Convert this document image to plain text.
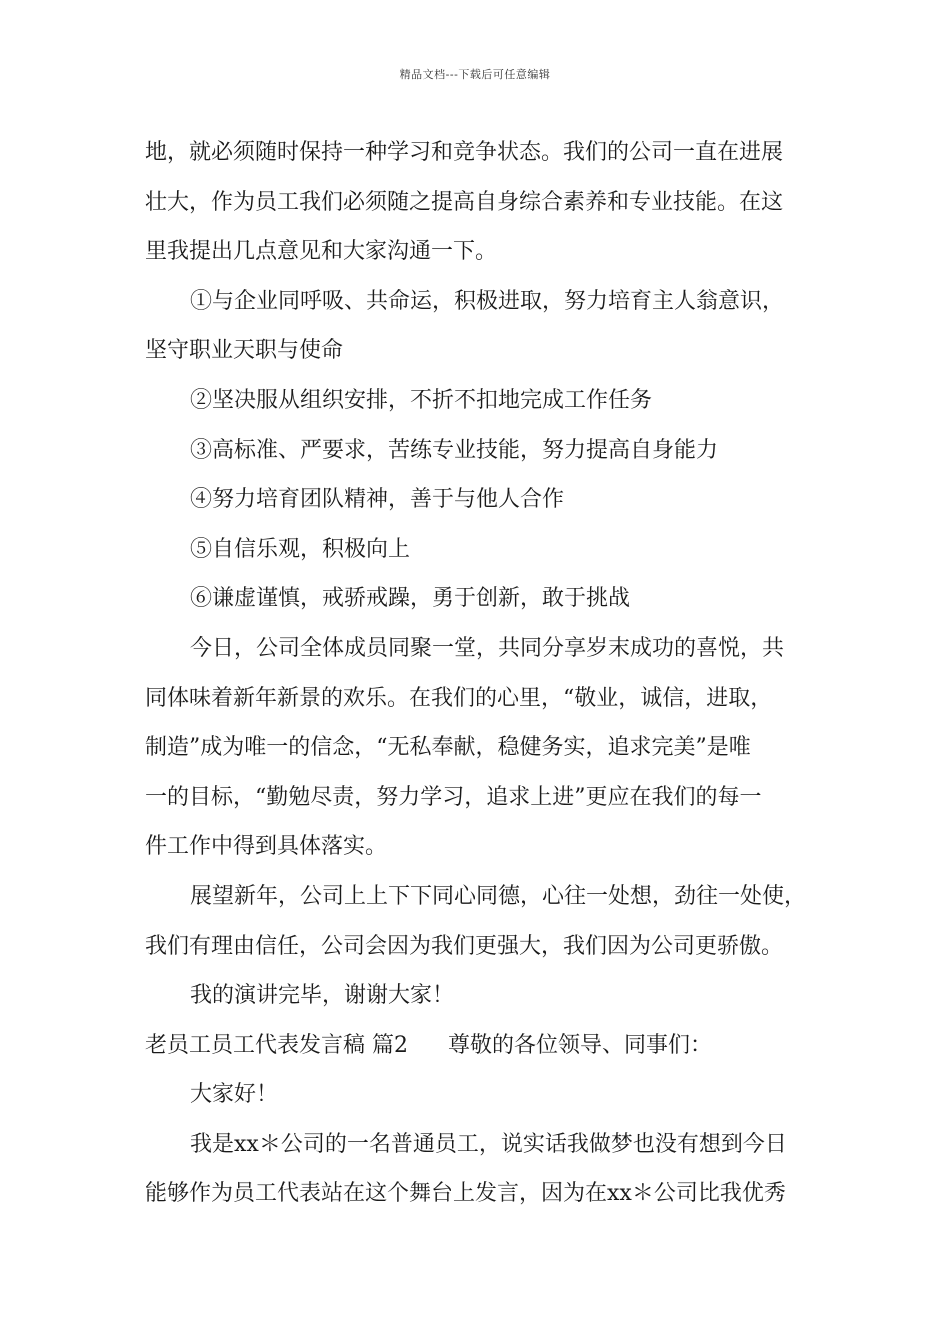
精品文档---下载后可任意编辑
地，就必须随时保持一种学习和竞争状态。我们的公司一直在进展
壮大，作为员工我们必须随之提高自身综合素养和专业技能。在这
里我提出几点意见和大家沟通一下。
①与企业同呼吸、共命运，积极进取，努力培育主人翁意识，
坚守职业天职与使命
②坚决服从组织安排，不折不扣地完成工作任务
③高标准、严要求，苦练专业技能，努力提高自身能力
④努力培育团队精神，善于与他人合作
⑤自信乐观，积极向上
⑥谦虚谨慎，戒骄戒躁，勇于创新，敢于挑战
今日，公司全体成员同聚一堂，共同分享岁末成功的喜悦，共
同体味着新年新景的欢乐。在我们的心里，“敬业，诚信，进取，
制造”成为唯一的信念，“无私奉献，稳健务实，追求完美”是唯
一的目标，“勤勉尽责，努力学习，追求上进”更应在我们的每一
件工作中得到具体落实。
展望新年，公司上上下下同心同德，心往一处想，劲往一处使，
我们有理由信任，公司会因为我们更强大，我们因为公司更骄傲。
我的演讲完毕，谢谢大家！
老员工员工代表发言稿 篇2 尊敬的各位领导、同事们：
大家好！
我是xx＊公司的一名普通员工，说实话我做梦也没有想到今日
能够作为员工代表站在这个舞台上发言，因为在xx＊公司比我优秀
